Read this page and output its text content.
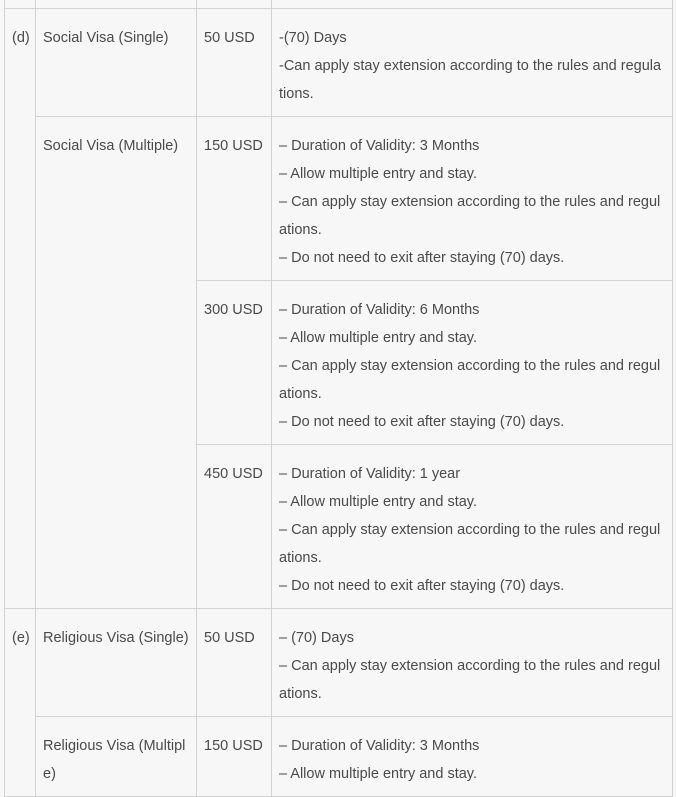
(d)	Social Visa (Single)	50 USD	-(70) Days
-Can apply stay extension according to the rules and regulations.

	Social Visa (Multiple)	150 USD	– Duration of Validity: 3 Months
– Allow multiple entry and stay.
– Can apply stay extension according to the rules and regulations.
– Do not need to exit after staying (70) days.

		300 USD	– Duration of Validity: 6 Months
– Allow multiple entry and stay.
– Can apply stay extension according to the rules and regulations.
– Do not need to exit after staying (70) days.

		450 USD	– Duration of Validity: 1 year
– Allow multiple entry and stay.
– Can apply stay extension according to the rules and regulations.
– Do not need to exit after staying (70) days.

(e)	Religious Visa (Single)	50 USD	– (70) Days
– Can apply stay extension according to the rules and regulations.

	Religious Visa (Multiple)	150 USD	– Duration of Validity: 3 Months
– Allow multiple entry and stay.
